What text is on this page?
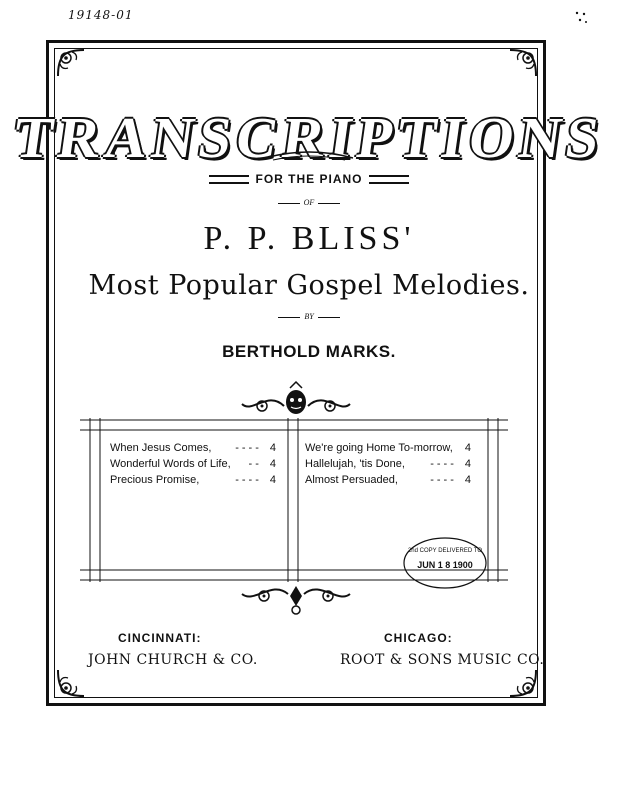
19148-01
TRANSCRIPTIONS
FOR THE PIANO
OF
P. P. BLISS'
Most Popular Gospel Melodies.
BY
BERTHOLD MARKS.
When Jesus Comes,	---- 4
Wonderful Words of Life,	-- 4
Precious Promise,	---- 4
We're going Home To-morrow, 4
Hallelujah, 'tis Done,	---- 4
Almost Persuaded,	---- 4
2nd COPY DELIVERED TO
JUN 1 8 1900
CINCINNATI:
JOHN CHURCH & CO.
CHICAGO:
ROOT & SONS MUSIC CO.
